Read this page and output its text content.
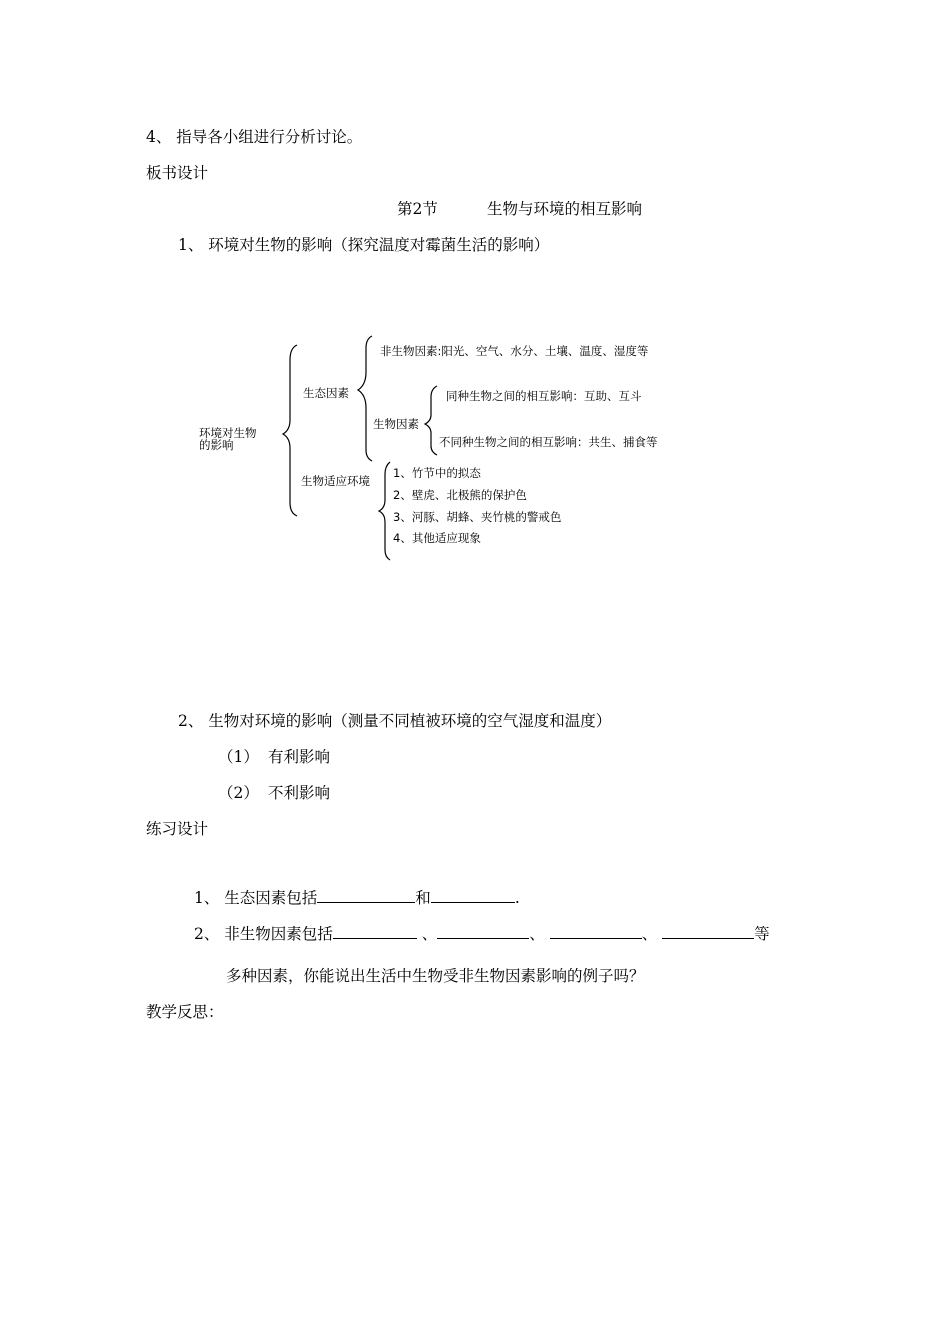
4、 指导各小组进行分析讨论。
板书设计
第2节	生物与环境的相互影响
1、 环境对生物的影响（探究温度对霉菌生活的影响）
环境对生物
的影响
生态因素
非生物因素:阳光、空气、水分、土壤、温度、湿度等
生物因素
同种生物之间的相互影响：互助、互斗
不同种生物之间的相互影响：共生、捕食等
生物适应环境
1、竹节中的拟态
2、壁虎、北极熊的保护色
3、河豚、胡蜂、夹竹桃的警戒色
4、其他适应现象
2、 生物对环境的影响（测量不同植被环境的空气湿度和温度）
（1） 有利影响
（2） 不利影响
练习设计
1、 生态因素包括	和	.
2、 非生物因素包括	、	、	、	等
多种因素，你能说出生活中生物受非生物因素影响的例子吗？
教学反思：
